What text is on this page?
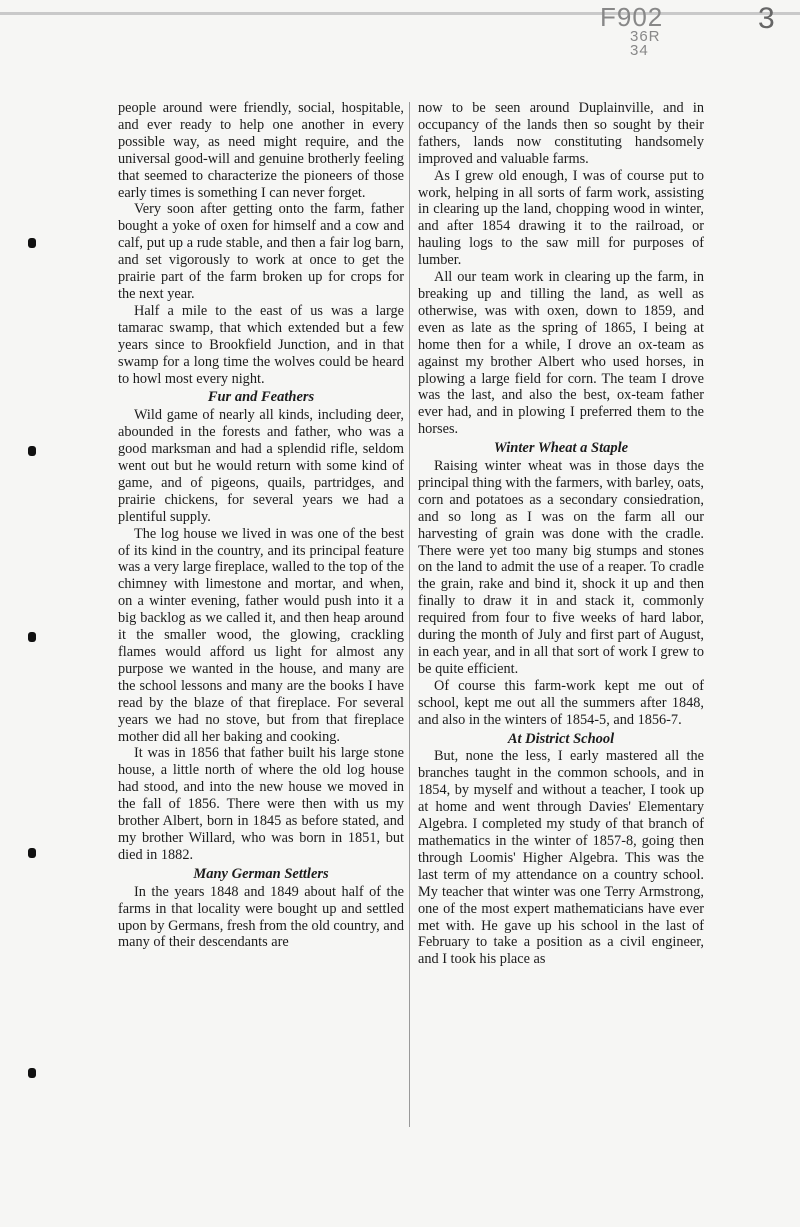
F902
36R
34
3

people around were friendly, social, hospitable, and ever ready to help one another in every possible way, as need might require, and the universal good-will and genuine brotherly feeling that seemed to characterize the pioneers of those early times is something I can never forget.

Very soon after getting onto the farm, father bought a yoke of oxen for himself and a cow and calf, put up a rude stable, and then a fair log barn, and set vigorously to work at once to get the prairie part of the farm broken up for crops for the next year.

Half a mile to the east of us was a large tamarac swamp, that which extended but a few years since to Brookfield Junction, and in that swamp for a long time the wolves could be heard to howl most every night.

Fur and Feathers

Wild game of nearly all kinds, including deer, abounded in the forests and father, who was a good marksman and had a splendid rifle, seldom went out but he would return with some kind of game, and of pigeons, quails, partridges, and prairie chickens, for several years we had a plentiful supply.

The log house we lived in was one of the best of its kind in the country, and its principal feature was a very large fireplace, walled to the top of the chimney with limestone and mortar, and when, on a winter evening, father would push into it a big backlog as we called it, and then heap around it the smaller wood, the glowing, crackling flames would afford us light for almost any purpose we wanted in the house, and many are the school lessons and many are the books I have read by the blaze of that fireplace. For several years we had no stove, but from that fireplace mother did all her baking and cooking.

It was in 1856 that father built his large stone house, a little north of where the old log house had stood, and into the new house we moved in the fall of 1856. There were then with us my brother Albert, born in 1845 as before stated, and my brother Willard, who was born in 1851, but died in 1882.

Many German Settlers

In the years 1848 and 1849 about half of the farms in that locality were bought up and settled upon by Germans, fresh from the old country, and many of their descendants are

now to be seen around Duplainville, and in occupancy of the lands then so sought by their fathers, lands now constituting handsomely improved and valuable farms.

As I grew old enough, I was of course put to work, helping in all sorts of farm work, assisting in clearing up the land, chopping wood in winter, and after 1854 drawing it to the railroad, or hauling logs to the saw mill for purposes of lumber.

All our team work in clearing up the farm, in breaking up and tilling the land, as well as otherwise, was with oxen, down to 1859, and even as late as the spring of 1865, I being at home then for a while, I drove an ox-team as against my brother Albert who used horses, in plowing a large field for corn. The team I drove was the last, and also the best, ox-team father ever had, and in plowing I preferred them to the horses.

Winter Wheat a Staple

Raising winter wheat was in those days the principal thing with the farmers, with barley, oats, corn and potatoes as a secondary consiedration, and so long as I was on the farm all our harvesting of grain was done with the cradle. There were yet too many big stumps and stones on the land to admit the use of a reaper. To cradle the grain, rake and bind it, shock it up and then finally to draw it in and stack it, commonly required from four to five weeks of hard labor, during the month of July and first part of August, in each year, and in all that sort of work I grew to be quite efficient.

Of course this farm-work kept me out of school, kept me out all the summers after 1848, and also in the winters of 1854-5, and 1856-7.

At District School

But, none the less, I early mastered all the branches taught in the common schools, and in 1854, by myself and without a teacher, I took up at home and went through Davies' Elementary Algebra. I completed my study of that branch of mathematics in the winter of 1857-8, going then through Loomis' Higher Algebra. This was the last term of my attendance on a country school. My teacher that winter was one Terry Armstrong, one of the most expert mathematicians have ever met with. He gave up his school in the last of February to take a position as a civil engineer, and I took his place as
